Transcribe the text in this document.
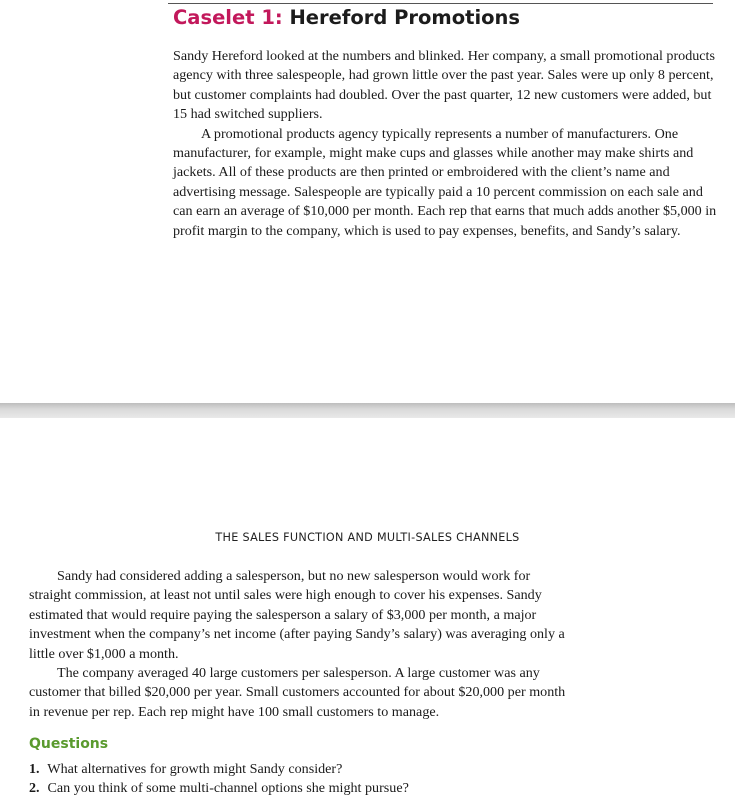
Caselet 1: Hereford Promotions

Sandy Hereford looked at the numbers and blinked. Her company, a small promotional products agency with three salespeople, had grown little over the past year. Sales were up only 8 percent, but customer complaints had doubled. Over the past quarter, 12 new customers were added, but 15 had switched suppliers.

A promotional products agency typically represents a number of manufacturers. One manufacturer, for example, might make cups and glasses while another may make shirts and jackets. All of these products are then printed or embroidered with the client’s name and advertising message. Salespeople are typically paid a 10 percent commission on each sale and can earn an average of $10,000 per month. Each rep that earns that much adds another $5,000 in profit margin to the company, which is used to pay expenses, benefits, and Sandy’s salary.

THE SALES FUNCTION AND MULTI-SALES CHANNELS

Sandy had considered adding a salesperson, but no new salesperson would work for straight commission, at least not until sales were high enough to cover his expenses. Sandy estimated that would require paying the salesperson a salary of $3,000 per month, a major investment when the company’s net income (after paying Sandy’s salary) was averaging only a little over $1,000 a month.

The company averaged 40 large customers per salesperson. A large customer was any customer that billed $20,000 per year. Small customers accounted for about $20,000 per month in revenue per rep. Each rep might have 100 small customers to manage.

Questions
1. What alternatives for growth might Sandy consider?
2. Can you think of some multi-channel options she might pursue?
